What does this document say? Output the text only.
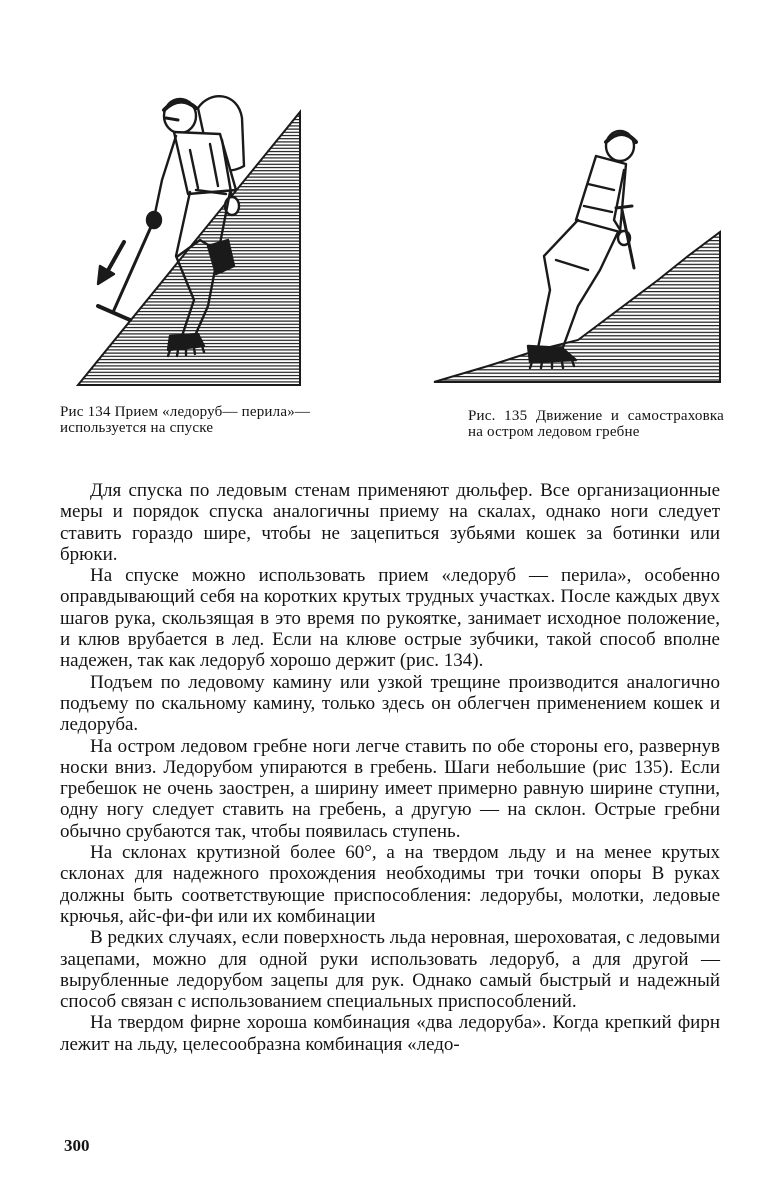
Рис 134 Прием «ледоруб— перила»— используется на спуске

Рис. 135 Движение и самостраховка на остром ледовом гребне

Для спуска по ледовым стенам применяют дюльфер. Все организационные меры и порядок спуска аналогичны приему на скалах, однако ноги следует ставить гораздо шире, чтобы не зацепиться зубьями кошек за ботинки или брюки.

На спуске можно использовать прием «ледоруб — перила», особенно оправдывающий себя на коротких крутых трудных участках. После каждых двух шагов рука, скользящая в это время по рукоятке, занимает исходное положение, и клюв врубается в лед. Если на клюве острые зубчики, такой способ вполне надежен, так как ледоруб хорошо держит (рис. 134).

Подъем по ледовому камину или узкой трещине производится аналогично подъему по скальному камину, только здесь он облегчен применением кошек и ледоруба.

На остром ледовом гребне ноги легче ставить по обе стороны его, развернув носки вниз. Ледорубом упираются в гребень. Шаги небольшие (рис 135). Если гребешок не очень заострен, а ширину имеет примерно равную ширине ступни, одну ногу следует ставить на гребень, а другую — на склон. Острые гребни обычно срубаются так, чтобы появилась ступень.

На склонах крутизной более 60°, а на твердом льду и на менее крутых склонах для надежного прохождения необходимы три точки опоры В руках должны быть соответствующие приспособления: ледорубы, молотки, ледовые крючья, айс-фи-фи или их комбинации

В редких случаях, если поверхность льда неровная, шероховатая, с ледовыми зацепами, можно для одной руки использовать ледоруб, а для другой — вырубленные ледорубом зацепы для рук. Однако самый быстрый и надежный способ связан с использованием специальных приспособлений.

На твердом фирне хороша комбинация «два ледоруба». Когда крепкий фирн лежит на льду, целесообразна комбинация «ледо-

300
